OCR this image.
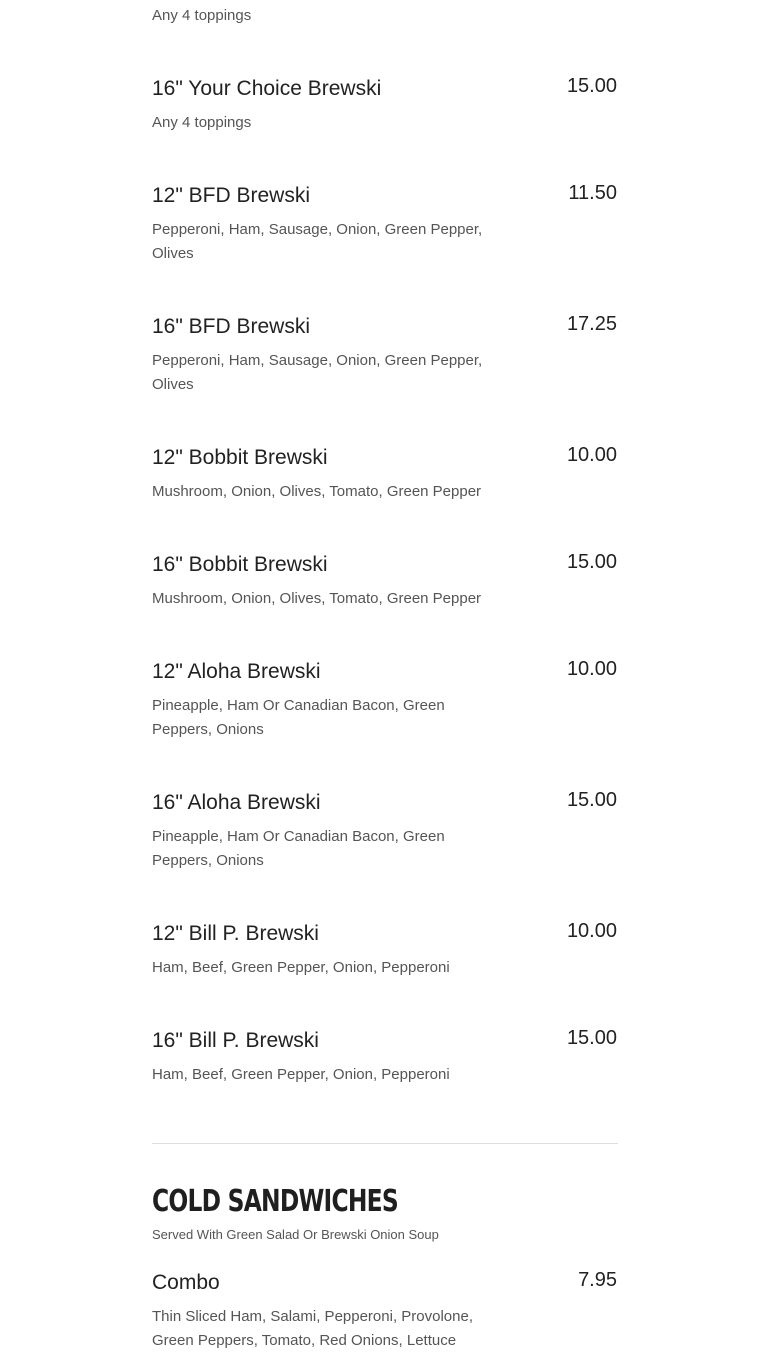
Any 4 toppings

16" Your Choice Brewski	15.00

Any 4 toppings

12" BFD Brewski	11.50

Pepperoni, Ham, Sausage, Onion, Green Pepper, Olives

16" BFD Brewski	17.25

Pepperoni, Ham, Sausage, Onion, Green Pepper, Olives

12" Bobbit Brewski	10.00

Mushroom, Onion, Olives, Tomato, Green Pepper

16" Bobbit Brewski	15.00

Mushroom, Onion, Olives, Tomato, Green Pepper

12" Aloha Brewski	10.00

Pineapple, Ham Or Canadian Bacon, Green Peppers, Onions

16" Aloha Brewski	15.00

Pineapple, Ham Or Canadian Bacon, Green Peppers, Onions

12" Bill P. Brewski	10.00

Ham, Beef, Green Pepper, Onion, Pepperoni

16" Bill P. Brewski	15.00

Ham, Beef, Green Pepper, Onion, Pepperoni

COLD SANDWICHES

Served With Green Salad Or Brewski Onion Soup

Combo	7.95

Thin Sliced Ham, Salami, Pepperoni, Provolone, Green Peppers, Tomato, Red Onions, Lettuce
